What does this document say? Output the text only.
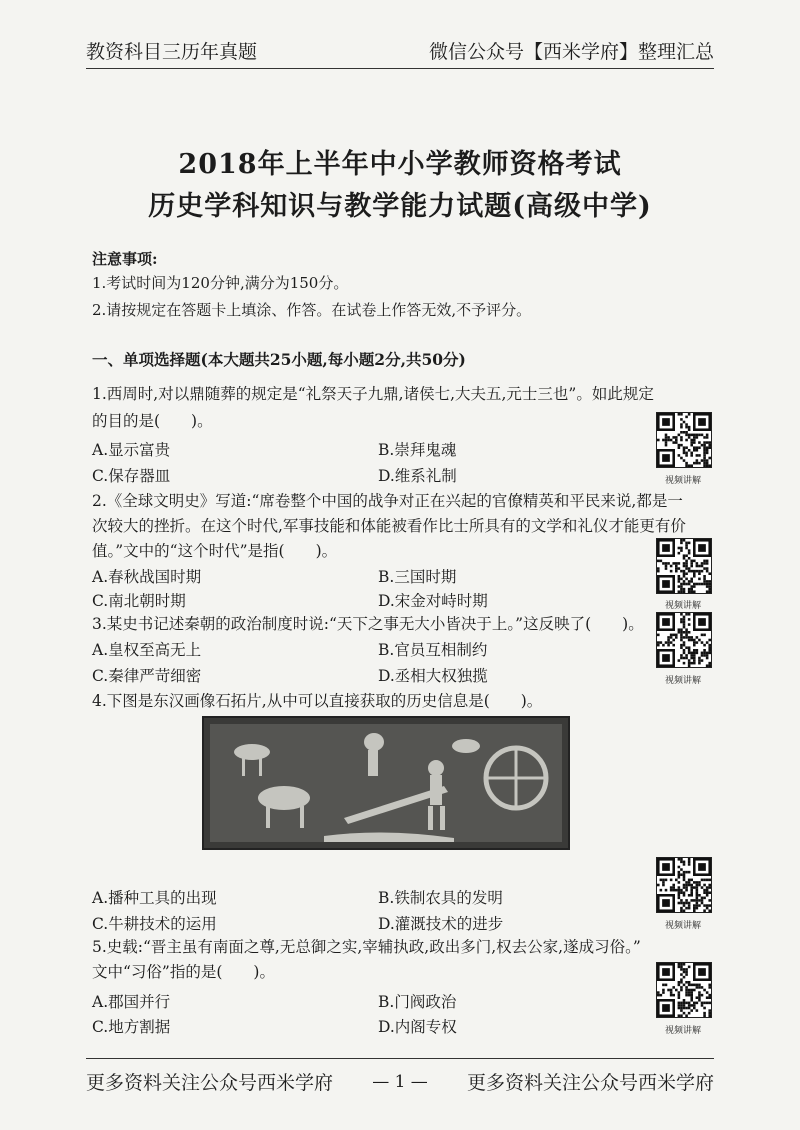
教资科目三历年真题	微信公众号【西米学府】整理汇总
2018年上半年中小学教师资格考试
历史学科知识与教学能力试题(高级中学)
注意事项:
1.考试时间为120分钟,满分为150分。
2.请按规定在答题卡上填涂、作答。在试卷上作答无效,不予评分。
一、单项选择题(本大题共25小题,每小题2分,共50分)
1.西周时,对以鼎随葬的规定是“礼祭天子九鼎,诸侯七,大夫五,元士三也”。如此规定
的目的是(　　)。
A.显示富贵	B.崇拜鬼魂
C.保存器皿	D.维系礼制	视频讲解
2.《全球文明史》写道:“席卷整个中国的战争对正在兴起的官僚精英和平民来说,都是一
次较大的挫折。在这个时代,军事技能和体能被看作比士所具有的文学和礼仪才能更有价
值。”文中的“这个时代”是指(　　)。
A.春秋战国时期	B.三国时期
C.南北朝时期	D.宋金对峙时期	视频讲解
3.某史书记述秦朝的政治制度时说:“天下之事无大小皆决于上。”这反映了(　　)。
A.皇权至高无上	B.官员互相制约
C.秦律严苛细密	D.丞相大权独揽	视频讲解
4.下图是东汉画像石拓片,从中可以直接获取的历史信息是(　　)。
A.播种工具的出现	B.铁制农具的发明
C.牛耕技术的运用	D.灌溉技术的进步	视频讲解
5.史载:“晋主虽有南面之尊,无总御之实,宰辅执政,政出多门,权去公家,遂成习俗。”
文中“习俗”指的是(　　)。
A.郡国并行	B.门阀政治
C.地方割据	D.内阁专权	视频讲解
更多资料关注公众号西米学府 — 1 — 更多资料关注公众号西米学府
